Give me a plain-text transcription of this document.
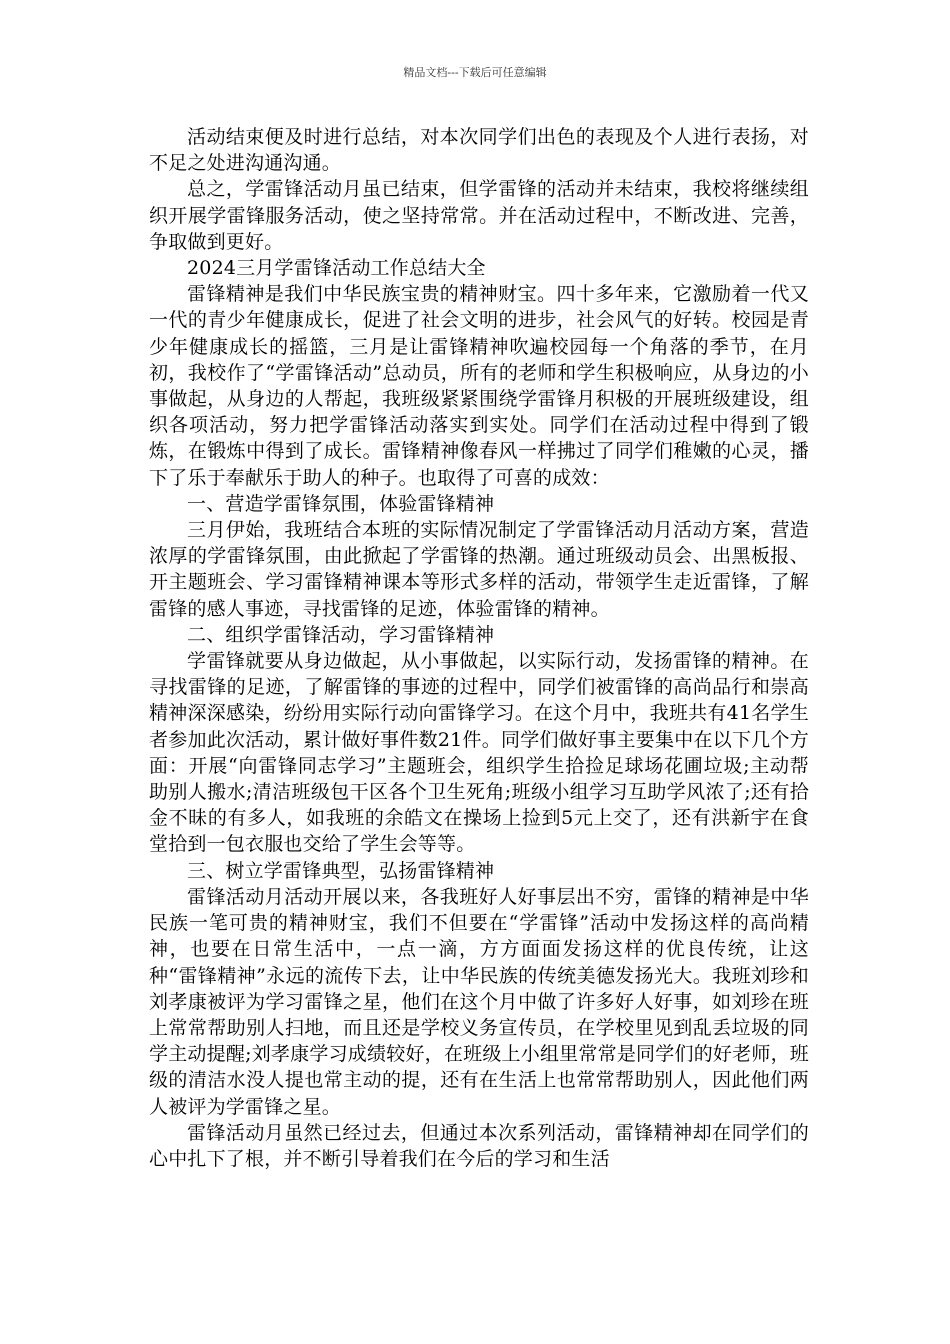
精品文档---下载后可任意编辑

活动结束便及时进行总结，对本次同学们出色的表现及个人进行表扬，对不足之处进沟通沟通。

总之，学雷锋活动月虽已结束，但学雷锋的活动并未结束，我校将继续组织开展学雷锋服务活动，使之坚持常常。并在活动过程中，不断改进、完善，争取做到更好。

2024三月学雷锋活动工作总结大全

雷锋精神是我们中华民族宝贵的精神财宝。四十多年来，它激励着一代又一代的青少年健康成长，促进了社会文明的进步，社会风气的好转。校园是青少年健康成长的摇篮，三月是让雷锋精神吹遍校园每一个角落的季节，在月初，我校作了“学雷锋活动”总动员，所有的老师和学生积极响应，从身边的小事做起，从身边的人帮起，我班级紧紧围绕学雷锋月积极的开展班级建设，组织各项活动，努力把学雷锋活动落实到实处。同学们在活动过程中得到了锻炼，在锻炼中得到了成长。雷锋精神像春风一样拂过了同学们稚嫩的心灵，播下了乐于奉献乐于助人的种子。也取得了可喜的成效：

一、营造学雷锋氛围，体验雷锋精神

三月伊始，我班结合本班的实际情况制定了学雷锋活动月活动方案，营造浓厚的学雷锋氛围，由此掀起了学雷锋的热潮。通过班级动员会、出黑板报、开主题班会、学习雷锋精神课本等形式多样的活动，带领学生走近雷锋，了解雷锋的感人事迹，寻找雷锋的足迹，体验雷锋的精神。

二、组织学雷锋活动，学习雷锋精神

学雷锋就要从身边做起，从小事做起，以实际行动，发扬雷锋的精神。在寻找雷锋的足迹，了解雷锋的事迹的过程中，同学们被雷锋的高尚品行和崇高精神深深感染，纷纷用实际行动向雷锋学习。在这个月中，我班共有41名学生者参加此次活动，累计做好事件数21件。同学们做好事主要集中在以下几个方面：开展“向雷锋同志学习”主题班会，组织学生拾捡足球场花圃垃圾;主动帮助别人搬水;清洁班级包干区各个卫生死角;班级小组学习互助学风浓了;还有拾金不昧的有多人，如我班的余皓文在操场上捡到5元上交了，还有洪新宇在食堂拾到一包衣服也交给了学生会等等。

三、树立学雷锋典型，弘扬雷锋精神

雷锋活动月活动开展以来，各我班好人好事层出不穷，雷锋的精神是中华民族一笔可贵的精神财宝，我们不但要在“学雷锋”活动中发扬这样的高尚精神，也要在日常生活中，一点一滴，方方面面发扬这样的优良传统，让这种“雷锋精神”永远的流传下去，让中华民族的传统美德发扬光大。我班刘珍和刘孝康被评为学习雷锋之星，他们在这个月中做了许多好人好事，如刘珍在班上常常帮助别人扫地，而且还是学校义务宣传员，在学校里见到乱丢垃圾的同学主动提醒;刘孝康学习成绩较好，在班级上小组里常常是同学们的好老师，班级的清洁水没人提也常主动的提，还有在生活上也常常帮助别人，因此他们两人被评为学雷锋之星。

雷锋活动月虽然已经过去，但通过本次系列活动，雷锋精神却在同学们的心中扎下了根，并不断引导着我们在今后的学习和生活
